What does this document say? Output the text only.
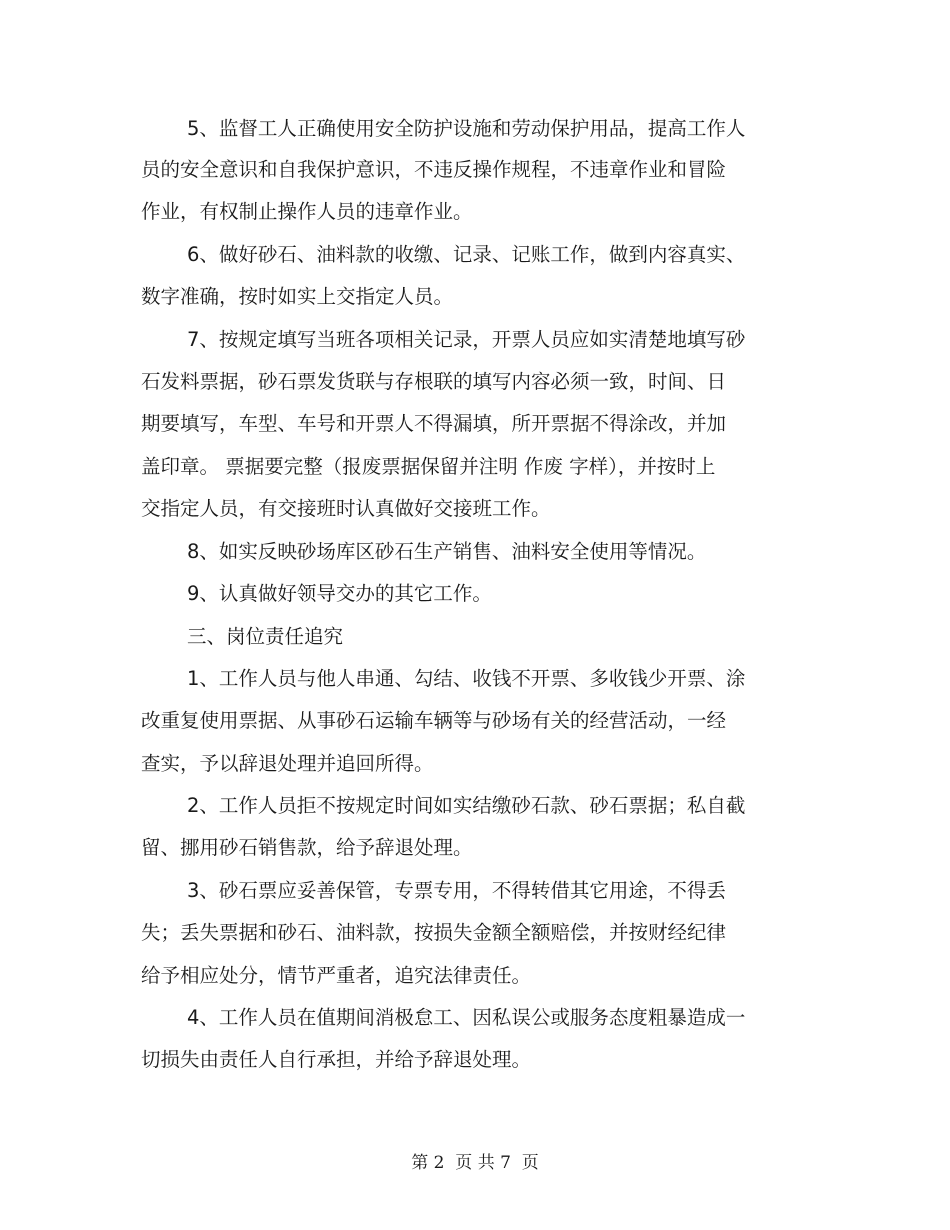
5、监督工人正确使用安全防护设施和劳动保护用品，提高工作人
员的安全意识和自我保护意识，不违反操作规程，不违章作业和冒险
作业，有权制止操作人员的违章作业。
6、做好砂石、油料款的收缴、记录、记账工作，做到内容真实、
数字准确，按时如实上交指定人员。
7、按规定填写当班各项相关记录，开票人员应如实清楚地填写砂
石发料票据，砂石票发货联与存根联的填写内容必须一致，时间、日
期要填写，车型、车号和开票人不得漏填，所开票据不得涂改，并加
盖印章。 票据要完整（报废票据保留并注明 作废 字样），并按时上
交指定人员，有交接班时认真做好交接班工作。
8、如实反映砂场库区砂石生产销售、油料安全使用等情况。
9、认真做好领导交办的其它工作。
三、岗位责任追究
1、工作人员与他人串通、勾结、收钱不开票、多收钱少开票、涂
改重复使用票据、从事砂石运输车辆等与砂场有关的经营活动，一经
查实，予以辞退处理并追回所得。
2、工作人员拒不按规定时间如实结缴砂石款、砂石票据；私自截
留、挪用砂石销售款，给予辞退处理。
3、砂石票应妥善保管，专票专用，不得转借其它用途，不得丢
失；丢失票据和砂石、油料款，按损失金额全额赔偿，并按财经纪律
给予相应处分，情节严重者，追究法律责任。
4、工作人员在值期间消极怠工、因私误公或服务态度粗暴造成一
切损失由责任人自行承担，并给予辞退处理。
第 2  页 共 7  页
